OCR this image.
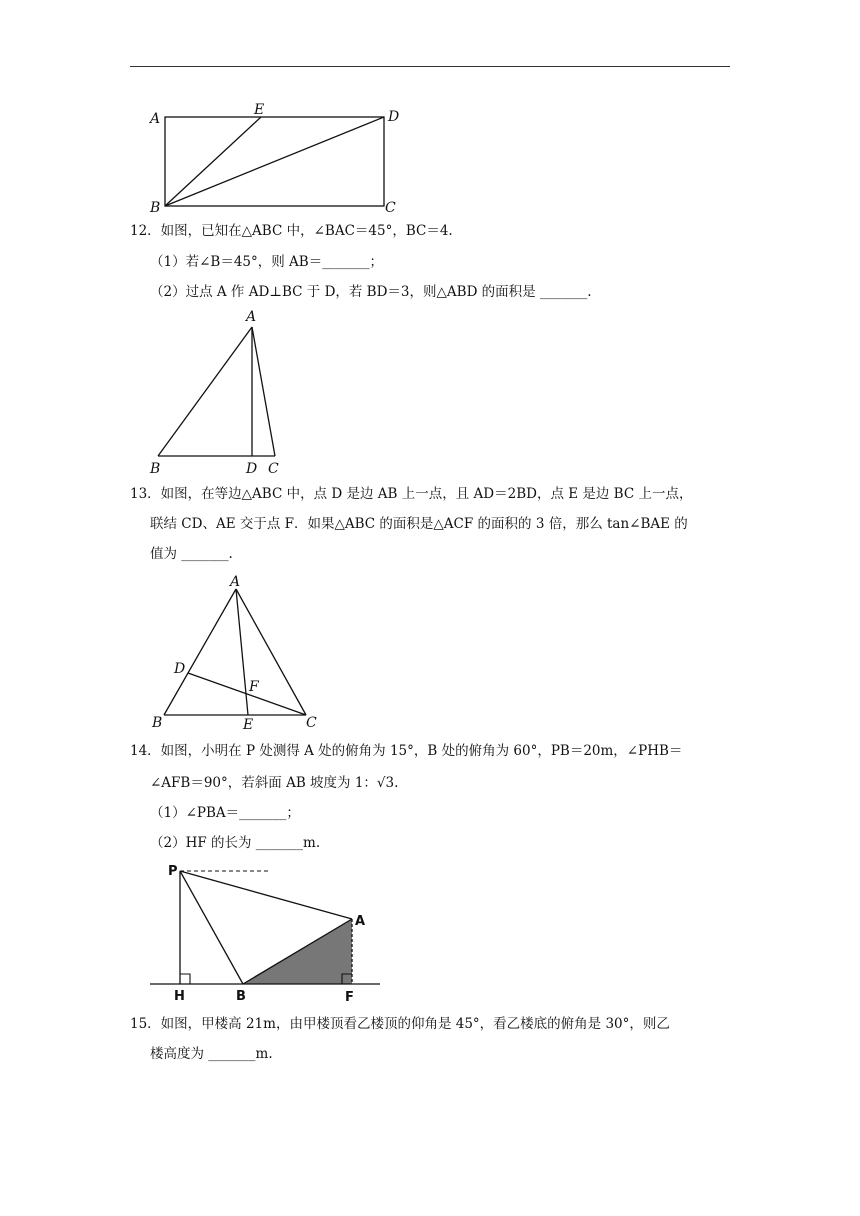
A
E	D
B	C
12．如图，已知在△ABC 中，∠BAC＝45°，BC＝4.
（1）若∠B＝45°，则 AB＝_______；
（2）过点 A 作 AD⊥BC 于 D，若 BD＝3，则△ABD 的面积是 _______.
A
B	D C
13．如图，在等边△ABC 中，点 D 是边 AB 上一点，且 AD＝2BD，点 E 是边 BC 上一点，
联结 CD、AE 交于点 F．如果△ABC 的面积是△ACF 的面积的 3 倍，那么 tan∠BAE 的
值为 _______.
A
D
F
B	E	C
14．如图，小明在 P 处测得 A 处的俯角为 15°，B 处的俯角为 60°，PB＝20m，∠PHB＝
∠AFB＝90°，若斜面 AB 坡度为 1：√3.
（1）∠PBA＝_______；
（2）HF 的长为 _______m.
P
A
H	B	F
15．如图，甲楼高 21m，由甲楼顶看乙楼顶的仰角是 45°，看乙楼底的俯角是 30°，则乙
楼高度为 _______m.
